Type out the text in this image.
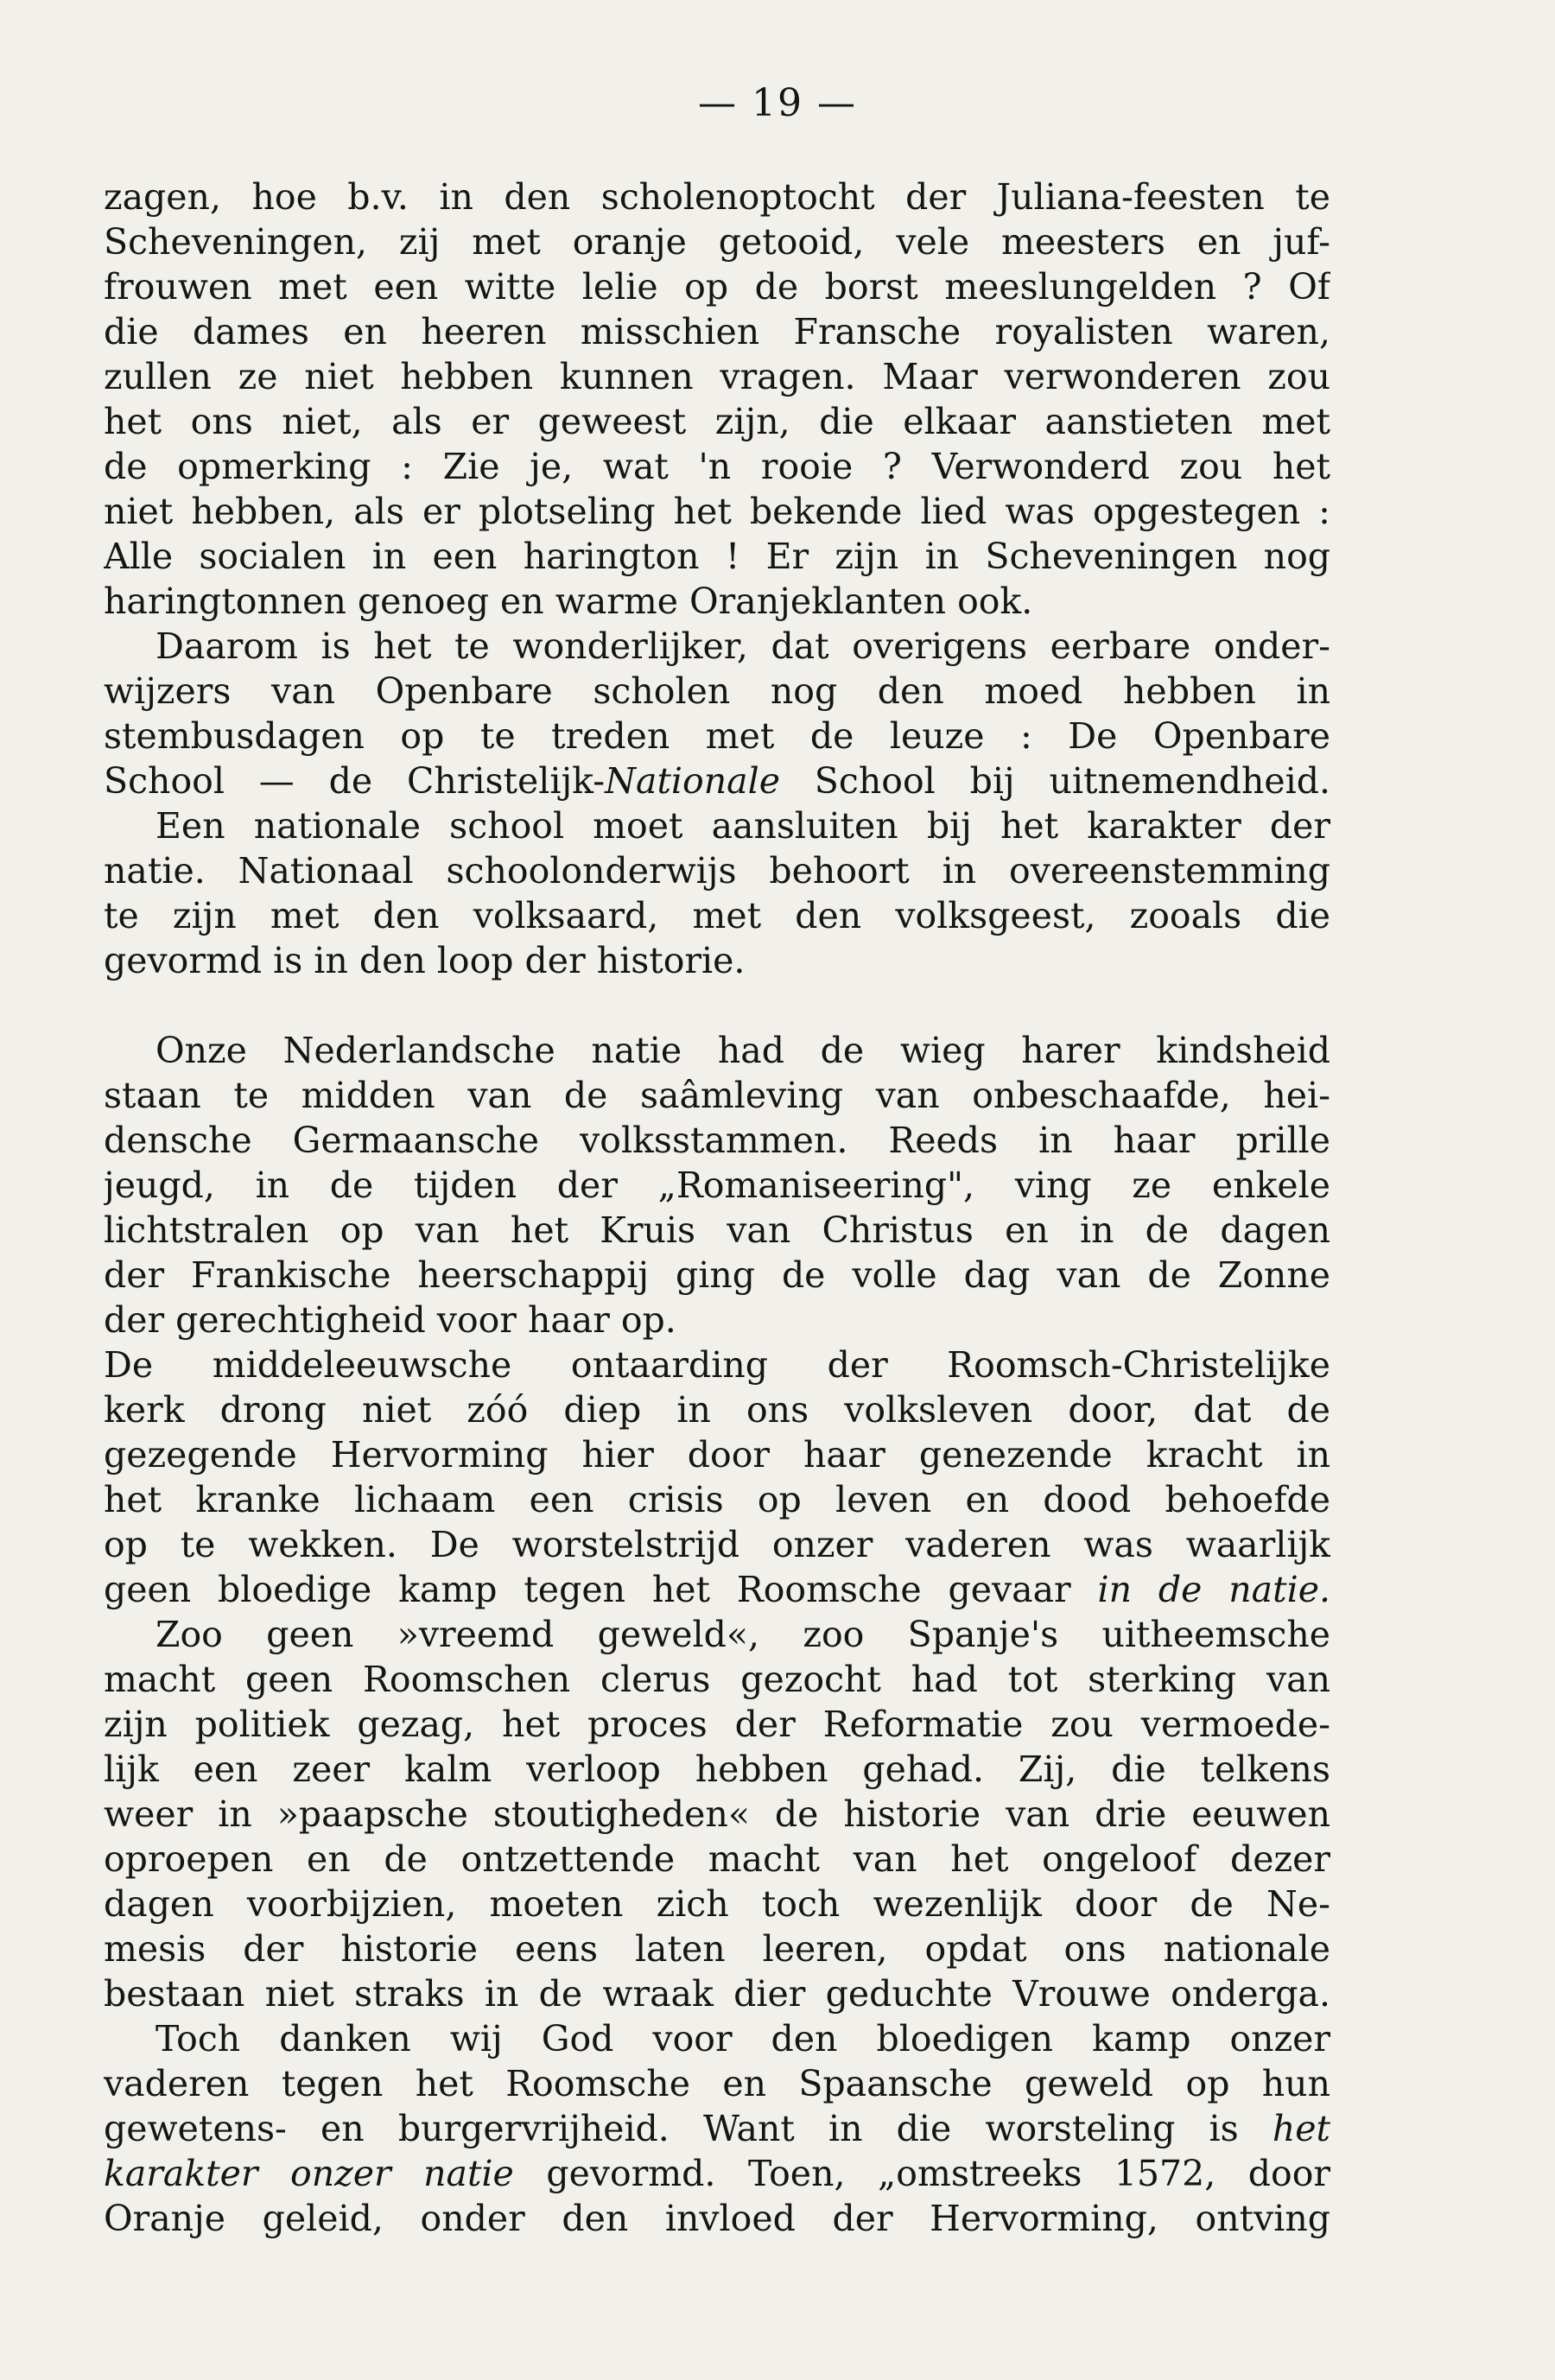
— 19 —
zagen, hoe b.v. in den scholenoptocht der Juliana-feesten te
Scheveningen, zij met oranje getooid, vele meesters en juf-
frouwen met een witte lelie op de borst meeslungelden ? Of
die dames en heeren misschien Fransche royalisten waren,
zullen ze niet hebben kunnen vragen. Maar verwonderen zou
het ons niet, als er geweest zijn, die elkaar aanstieten met
de opmerking : Zie je, wat 'n rooie ? Verwonderd zou het
niet hebben, als er plotseling het bekende lied was opgestegen :
Alle socialen in een harington ! Er zijn in Scheveningen nog
haringtonnen genoeg en warme Oranjeklanten ook.
Daarom is het te wonderlijker, dat overigens eerbare onder-
wijzers van Openbare scholen nog den moed hebben in
stembusdagen op te treden met de leuze : De Openbare
School — de Christelijk-Nationale School bij uitnemendheid.
Een nationale school moet aansluiten bij het karakter der
natie. Nationaal schoolonderwijs behoort in overeenstemming
te zijn met den volksaard, met den volksgeest, zooals die
gevormd is in den loop der historie.
Onze Nederlandsche natie had de wieg harer kindsheid
staan te midden van de saâmleving van onbeschaafde, hei-
densche Germaansche volksstammen. Reeds in haar prille
jeugd, in de tijden der „Romaniseering", ving ze enkele
lichtstralen op van het Kruis van Christus en in de dagen
der Frankische heerschappij ging de volle dag van de Zonne
der gerechtigheid voor haar op.
De middeleeuwsche ontaarding der Roomsch-Christelijke
kerk drong niet zóó diep in ons volksleven door, dat de
gezegende Hervorming hier door haar genezende kracht in
het kranke lichaam een crisis op leven en dood behoefde
op te wekken. De worstelstrijd onzer vaderen was waarlijk
geen bloedige kamp tegen het Roomsche gevaar in de natie.
Zoo geen »vreemd geweld«, zoo Spanje's uitheemsche
macht geen Roomschen clerus gezocht had tot sterking van
zijn politiek gezag, het proces der Reformatie zou vermoede-
lijk een zeer kalm verloop hebben gehad. Zij, die telkens
weer in »paapsche stoutigheden« de historie van drie eeuwen
oproepen en de ontzettende macht van het ongeloof dezer
dagen voorbijzien, moeten zich toch wezenlijk door de Ne-
mesis der historie eens laten leeren, opdat ons nationale
bestaan niet straks in de wraak dier geduchte Vrouwe onderga.
Toch danken wij God voor den bloedigen kamp onzer
vaderen tegen het Roomsche en Spaansche geweld op hun
gewetens- en burgervrijheid. Want in die worsteling is het
karakter onzer natie gevormd. Toen, „omstreeks 1572, door
Oranje geleid, onder den invloed der Hervorming, ontving
